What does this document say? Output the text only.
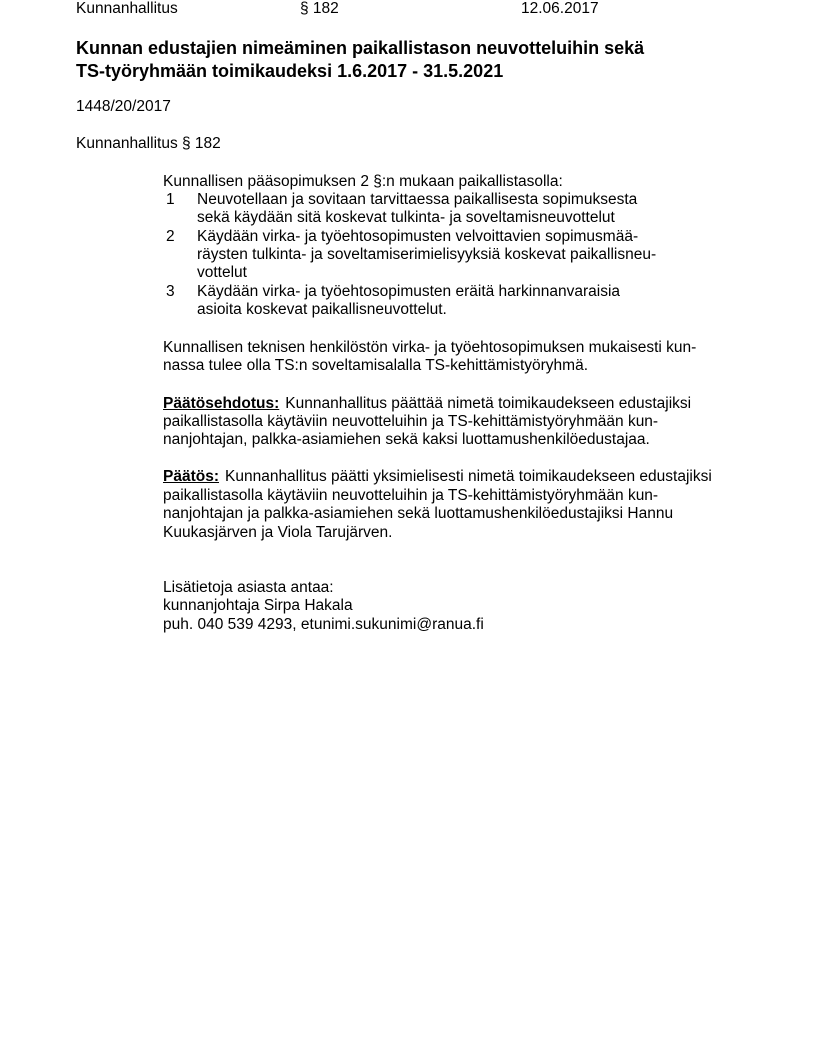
Kunnanhallitus	§ 182	12.06.2017
Kunnan edustajien nimeäminen paikallistason neuvotteluihin sekä
TS-työryhmään toimikaudeksi 1.6.2017 - 31.5.2021
1448/20/2017
Kunnanhallitus § 182
Kunnallisen pääsopimuksen 2 §:n mukaan paikallistasolla:
1 Neuvotellaan ja sovitaan tarvittaessa paikallisesta sopimuksesta
sekä käydään sitä koskevat tulkinta- ja soveltamisneuvottelut
2 Käydään virka- ja työehtosopimusten velvoittavien sopimusmää-
räysten tulkinta- ja soveltamiserimielisyyksiä koskevat paikallisneu-
vottelut
3 Käydään virka- ja työehtosopimusten eräitä harkinnanvaraisia
asioita koskevat paikallisneuvottelut.
Kunnallisen teknisen henkilöstön virka- ja työehtosopimuksen mukaisesti kun-
nassa tulee olla TS:n soveltamisalalla TS-kehittämistyöryhmä.
Päätösehdotus: Kunnanhallitus päättää nimetä toimikaudekseen edustajiksi
paikallistasolla käytäviin neuvotteluihin ja TS-kehittämistyöryhmään kun-
nanjohtajan, palkka-asiamiehen sekä kaksi luottamushenkilöedustajaa.
Päätös: Kunnanhallitus päätti yksimielisesti nimetä toimikaudekseen edustajiksi
paikallistasolla käytäviin neuvotteluihin ja TS-kehittämistyöryhmään kun-
nanjohtajan ja palkka-asiamiehen sekä luottamushenkilöedustajiksi Hannu
Kuukasjärven ja Viola Tarujärven.
Lisätietoja asiasta antaa:
kunnanjohtaja Sirpa Hakala
puh. 040 539 4293, etunimi.sukunimi@ranua.fi
